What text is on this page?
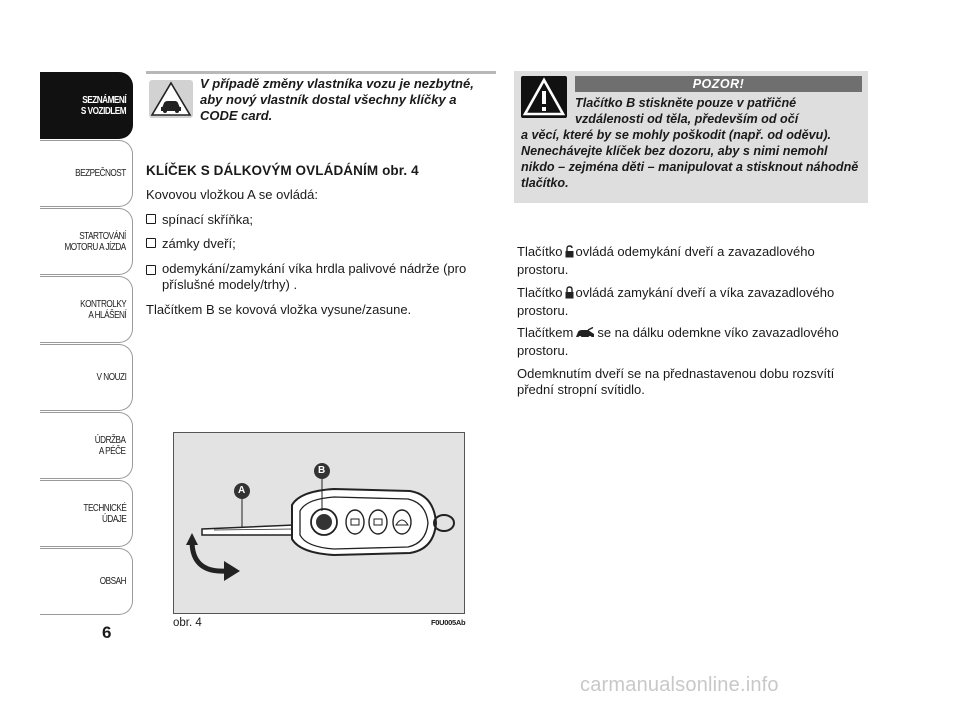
SEZNÁMENÍ
S VOZIDLEM
BEZPEČNOST
STARTOVÁNÍ
MOTORU A JÍZDA
KONTROLKY
A HLÁŠENÍ
V NOUZI
ÚDRŽBA
A PÉČE
TECHNICKÉ
ÚDAJE
OBSAH
6
V případě změny vlastníka vozu je nezbytné, aby nový vlastník dostal všechny klíčky a CODE card.
KLÍČEK S DÁLKOVÝM OVLÁDÁNÍM obr. 4
Kovovou vložkou A se ovládá:
spínací skříňka;
zámky dveří;
odemykání/zamykání víka hrdla palivové nádrže (pro příslušné modely/trhy) .
Tlačítkem B se kovová vložka vysune/zasune.
A
B
obr. 4	F0U005Ab
POZOR!
Tlačítko B stiskněte pouze v patřičné vzdálenosti od těla, především od očí
a věcí, které by se mohly poškodit (např. od oděvu). Nenechávejte klíček bez dozoru, aby s nimi nemohl nikdo – zejména děti – manipulovat a stisknout náhodně tlačítko.
Tlačítko ovládá odemykání dveří a zavazadlového prostoru.
Tlačítko ovládá zamykání dveří a víka zavazadlového prostoru.
Tlačítkem se na dálku odemkne víko zavazadlového prostoru.
Odemknutím dveří se na přednastavenou dobu rozsvítí přední stropní svítidlo.
carmanualsonline.info
